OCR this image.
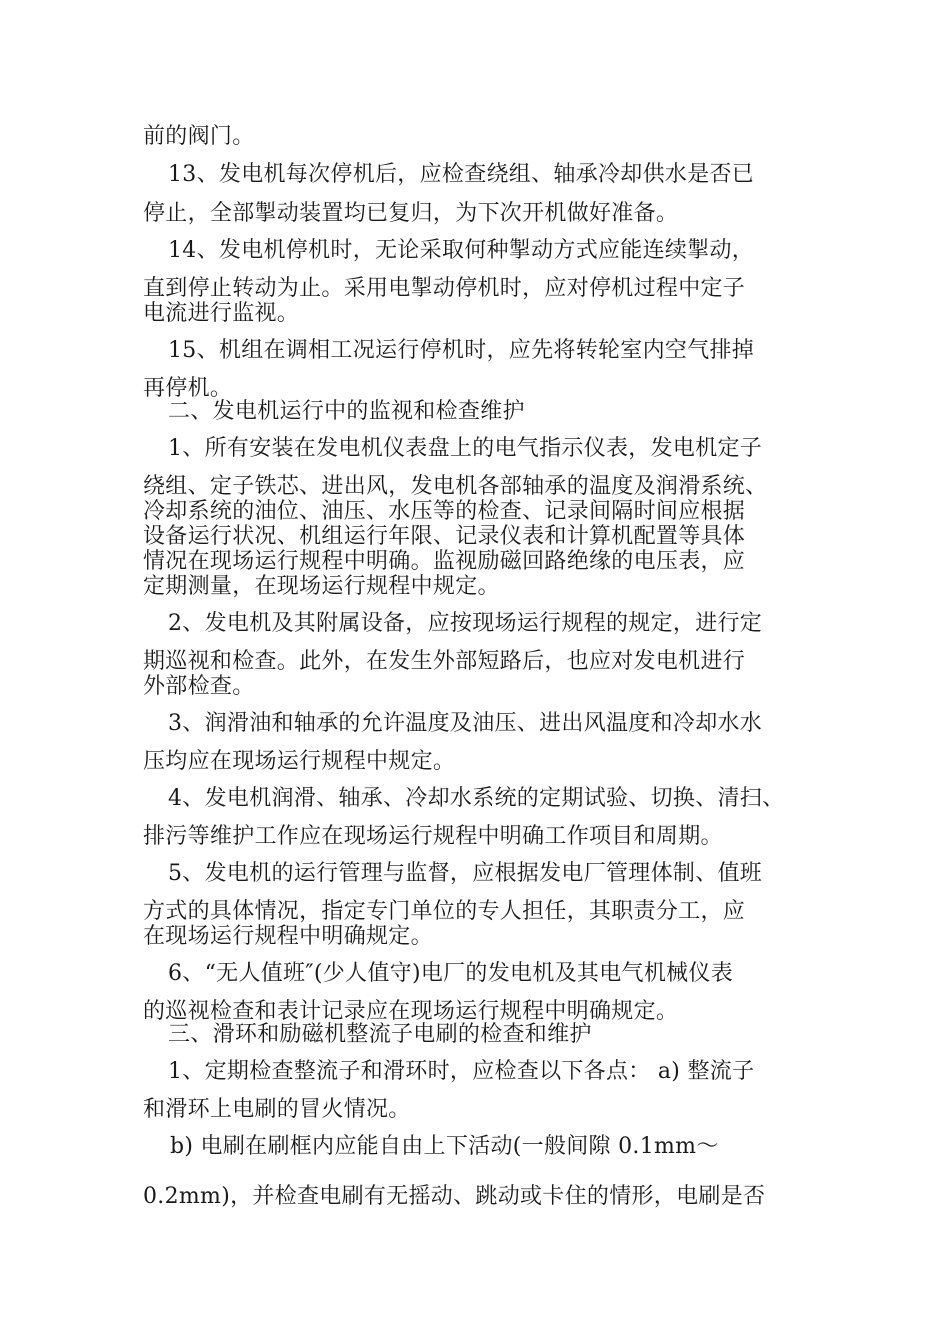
前的阀门。
13、发电机每次停机后，应检查绕组、轴承冷却供水是否已
停止，全部掣动装置均已复归，为下次开机做好准备。
14、发电机停机时，无论采取何种掣动方式应能连续掣动，
直到停止转动为止。采用电掣动停机时，应对停机过程中定子
电流进行监视。
15、机组在调相工况运行停机时，应先将转轮室内空气排掉
再停机。
二、发电机运行中的监视和检查维护
1、所有安装在发电机仪表盘上的电气指示仪表，发电机定子
绕组、定子铁芯、进出风，发电机各部轴承的温度及润滑系统、
冷却系统的油位、油压、水压等的检查、记录间隔时间应根据
设备运行状况、机组运行年限、记录仪表和计算机配置等具体
情况在现场运行规程中明确。监视励磁回路绝缘的电压表，应
定期测量，在现场运行规程中规定。
2、发电机及其附属设备，应按现场运行规程的规定，进行定
期巡视和检查。此外，在发生外部短路后，也应对发电机进行
外部检查。
3、润滑油和轴承的允许温度及油压、进出风温度和冷却水水
压均应在现场运行规程中规定。
4、发电机润滑、轴承、冷却水系统的定期试验、切换、清扫、
排污等维护工作应在现场运行规程中明确工作项目和周期。
5、发电机的运行管理与监督，应根据发电厂管理体制、值班
方式的具体情况，指定专门单位的专人担任，其职责分工，应
在现场运行规程中明确规定。
6、“无人值班″(少人值守)电厂的发电机及其电气机械仪表
的巡视检查和表计记录应在现场运行规程中明确规定。
三、滑环和励磁机整流子电刷的检查和维护
1、定期检查整流子和滑环时，应检查以下各点： a) 整流子
和滑环上电刷的冒火情况。
b) 电刷在刷框内应能自由上下活动(一般间隙 0.1mm～
0.2mm)，并检查电刷有无摇动、跳动或卡住的情形，电刷是否
